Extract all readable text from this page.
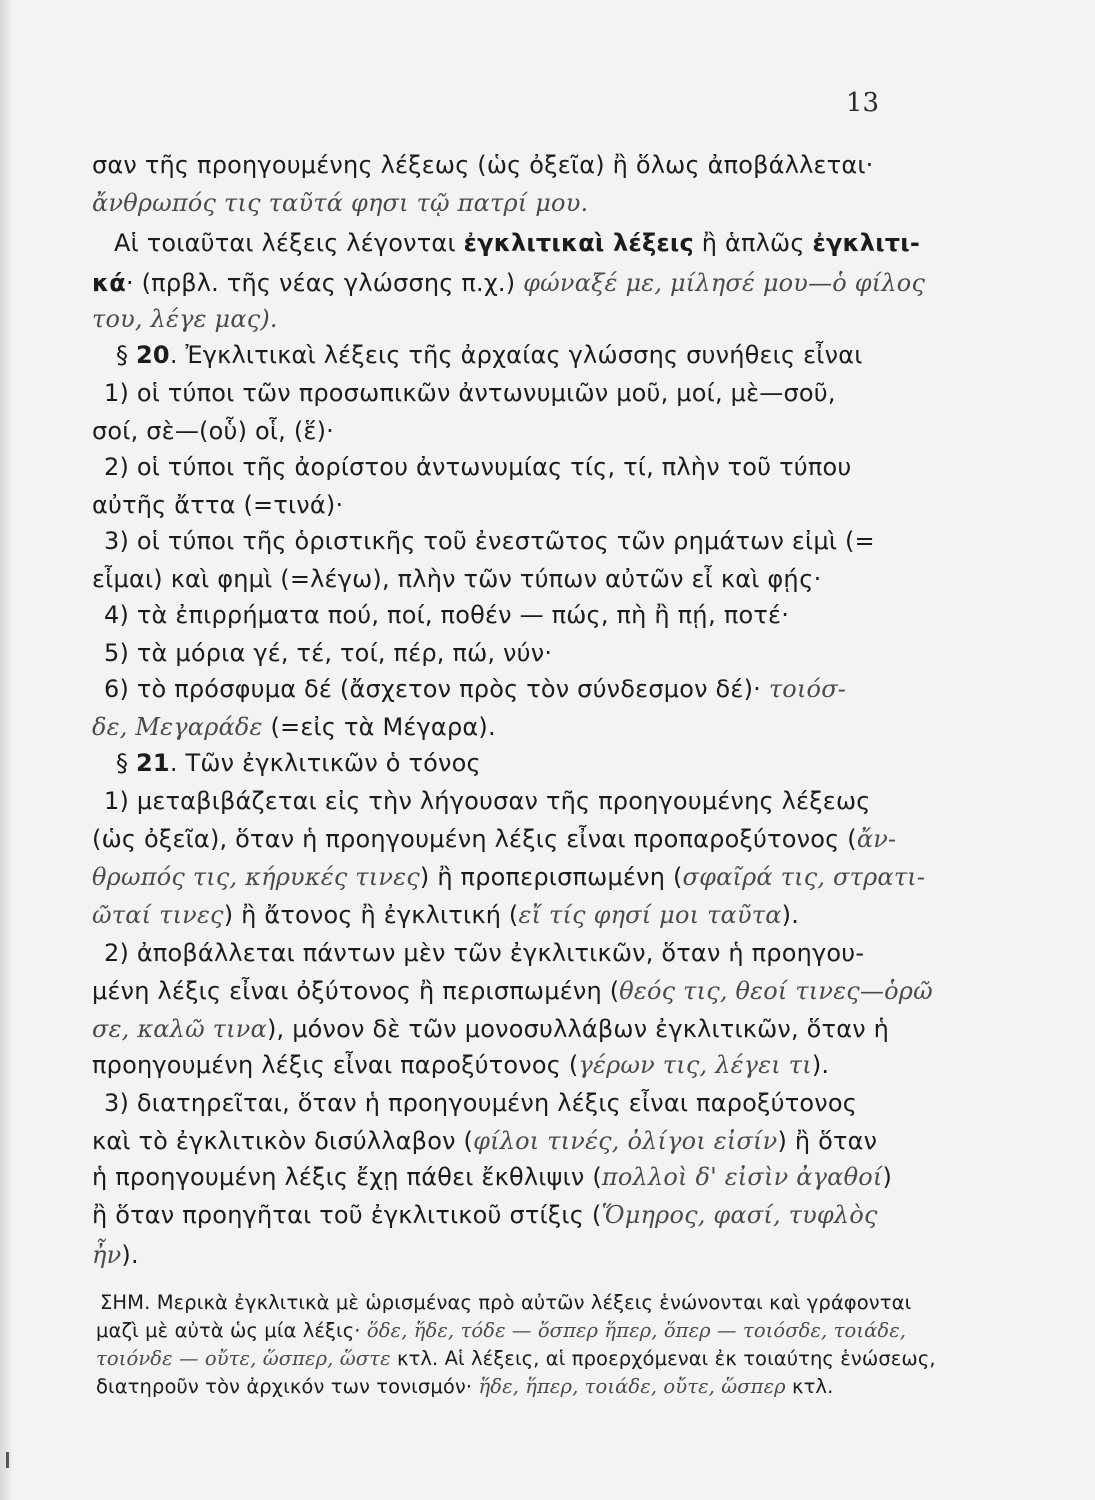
13
σαν τῆς προηγουμένης λέξεως (ὡς ὀξεῖα) ἢ ὅλως ἀποβάλλεται·
ἄνθρωπός τις ταῦτά φησι τῷ πατρί μου.
Αἱ τοιαῦται λέξεις λέγονται ἐγκλιτικαὶ λέξεις ἢ ἁπλῶς ἐγκλιτι-
κά· (πρβλ. τῆς νέας γλώσσης π.χ.) φώναξέ με, μίλησέ μου—ὁ φίλος
του, λέγε μας).
§ 20. Ἐγκλιτικαὶ λέξεις τῆς ἀρχαίας γλώσσης συνήθεις εἶναι
1) οἱ τύποι τῶν προσωπικῶν ἀντωνυμιῶν μοῦ, μοί, μὲ—σοῦ,
σοί, σὲ—(οὗ) οἷ, (ἕ)·
2) οἱ τύποι τῆς ἀορίστου ἀντωνυμίας τίς, τί, πλὴν τοῦ τύπου
αὐτῆς ἄττα (=τινά)·
3) οἱ τύποι τῆς ὁριστικῆς τοῦ ἐνεστῶτος τῶν ρημάτων εἰμὶ (=
εἶμαι) καὶ φημὶ (=λέγω), πλὴν τῶν τύπων αὐτῶν εἶ καὶ φῄς·
4) τὰ ἐπιρρήματα πού, ποί, ποθέν — πώς, πὴ ἢ πῄ, ποτέ·
5) τὰ μόρια γέ, τέ, τοί, πέρ, πώ, νύν·
6) τὸ πρόσφυμα δέ (ἄσχετον πρὸς τὸν σύνδεσμον δέ)· τοιόσ-
δε, Μεγαράδε (=εἰς τὰ Μέγαρα).
§ 21. Τῶν ἐγκλιτικῶν ὁ τόνος
1) μεταβιβάζεται εἰς τὴν λήγουσαν τῆς προηγουμένης λέξεως
(ὡς ὀξεῖα), ὅταν ἡ προηγουμένη λέξις εἶναι προπαροξύτονος (ἄν-
θρωπός τις, κήρυκές τινες) ἢ προπερισπωμένη (σφαῖρά τις, στρατι-
ῶταί τινες) ἢ ἄτονος ἢ ἐγκλιτική (εἴ τίς φησί μοι ταῦτα).
2) ἀποβάλλεται πάντων μὲν τῶν ἐγκλιτικῶν, ὅταν ἡ προηγου-
μένη λέξις εἶναι ὀξύτονος ἢ περισπωμένη (θεός τις, θεοί τινες—ὁρῶ
σε, καλῶ τινα), μόνον δὲ τῶν μονοσυλλάβων ἐγκλιτικῶν, ὅταν ἡ
προηγουμένη λέξις εἶναι παροξύτονος (γέρων τις, λέγει τι).
3) διατηρεῖται, ὅταν ἡ προηγουμένη λέξις εἶναι παροξύτονος
καὶ τὸ ἐγκλιτικὸν δισύλλαβον (φίλοι τινές, ὀλίγοι εἰσίν) ἢ ὅταν
ἡ προηγουμένη λέξις ἔχῃ πάθει ἔκθλιψιν (πολλοὶ δ' εἰσὶν ἀγαθοί)
ἢ ὅταν προηγῆται τοῦ ἐγκλιτικοῦ στίξις (Ὅμηρος, φασί, τυφλὸς
ἦν).
ΣΗΜ. Μερικὰ ἐγκλιτικὰ μὲ ὡρισμένας πρὸ αὐτῶν λέξεις ἑνώνονται καὶ γράφονται
μαζὶ μὲ αὐτὰ ὡς μία λέξις· ὅδε, ἥδε, τόδε — ὅσπερ ἥπερ, ὅπερ — τοιόσδε, τοιάδε,
τοιόνδε — οὔτε, ὥσπερ, ὥστε κτλ. Αἱ λέξεις, αἱ προερχόμεναι ἐκ τοιαύτης ἑνώσεως,
διατηροῦν τὸν ἀρχικόν των τονισμόν· ἥδε, ἥπερ, τοιάδε, οὔτε, ὥσπερ κτλ.
